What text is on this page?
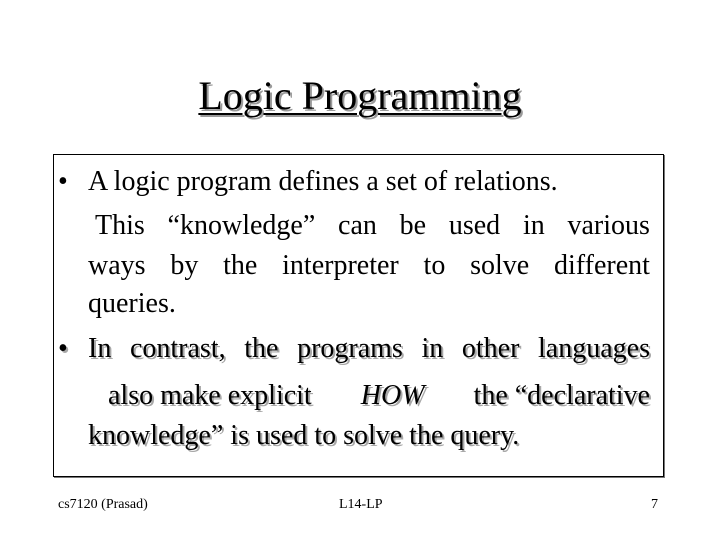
Logic Programming
• A logic program defines a set of relations.
This “knowledge” can be used in various
ways by the interpreter to solve different
queries.
• In contrast, the programs in other languages
also make explicit HOW the “declarative
knowledge” is used to solve the query.
cs7120 (Prasad)	L14-LP	7
